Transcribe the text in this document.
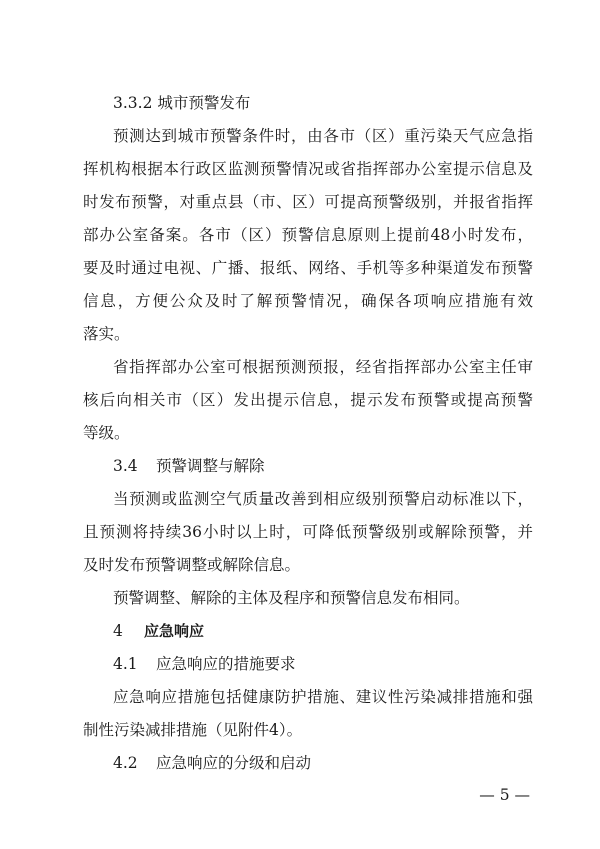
3.3.2 城市预警发布
预测达到城市预警条件时，由各市（区）重污染天气应急指
挥机构根据本行政区监测预警情况或省指挥部办公室提示信息及
时发布预警，对重点县（市、区）可提高预警级别，并报省指挥
部办公室备案。各市（区）预警信息原则上提前48小时发布，
要及时通过电视、广播、报纸、网络、手机等多种渠道发布预警
信息，方便公众及时了解预警情况，确保各项响应措施有效
落实。
省指挥部办公室可根据预测预报，经省指挥部办公室主任审
核后向相关市（区）发出提示信息，提示发布预警或提高预警
等级。
3.4 预警调整与解除
当预测或监测空气质量改善到相应级别预警启动标准以下，
且预测将持续36小时以上时，可降低预警级别或解除预警，并
及时发布预警调整或解除信息。
预警调整、解除的主体及程序和预警信息发布相同。
4 应急响应
4.1 应急响应的措施要求
应急响应措施包括健康防护措施、建议性污染减排措施和强
制性污染减排措施（见附件4）。
4.2 应急响应的分级和启动
— 5 —
